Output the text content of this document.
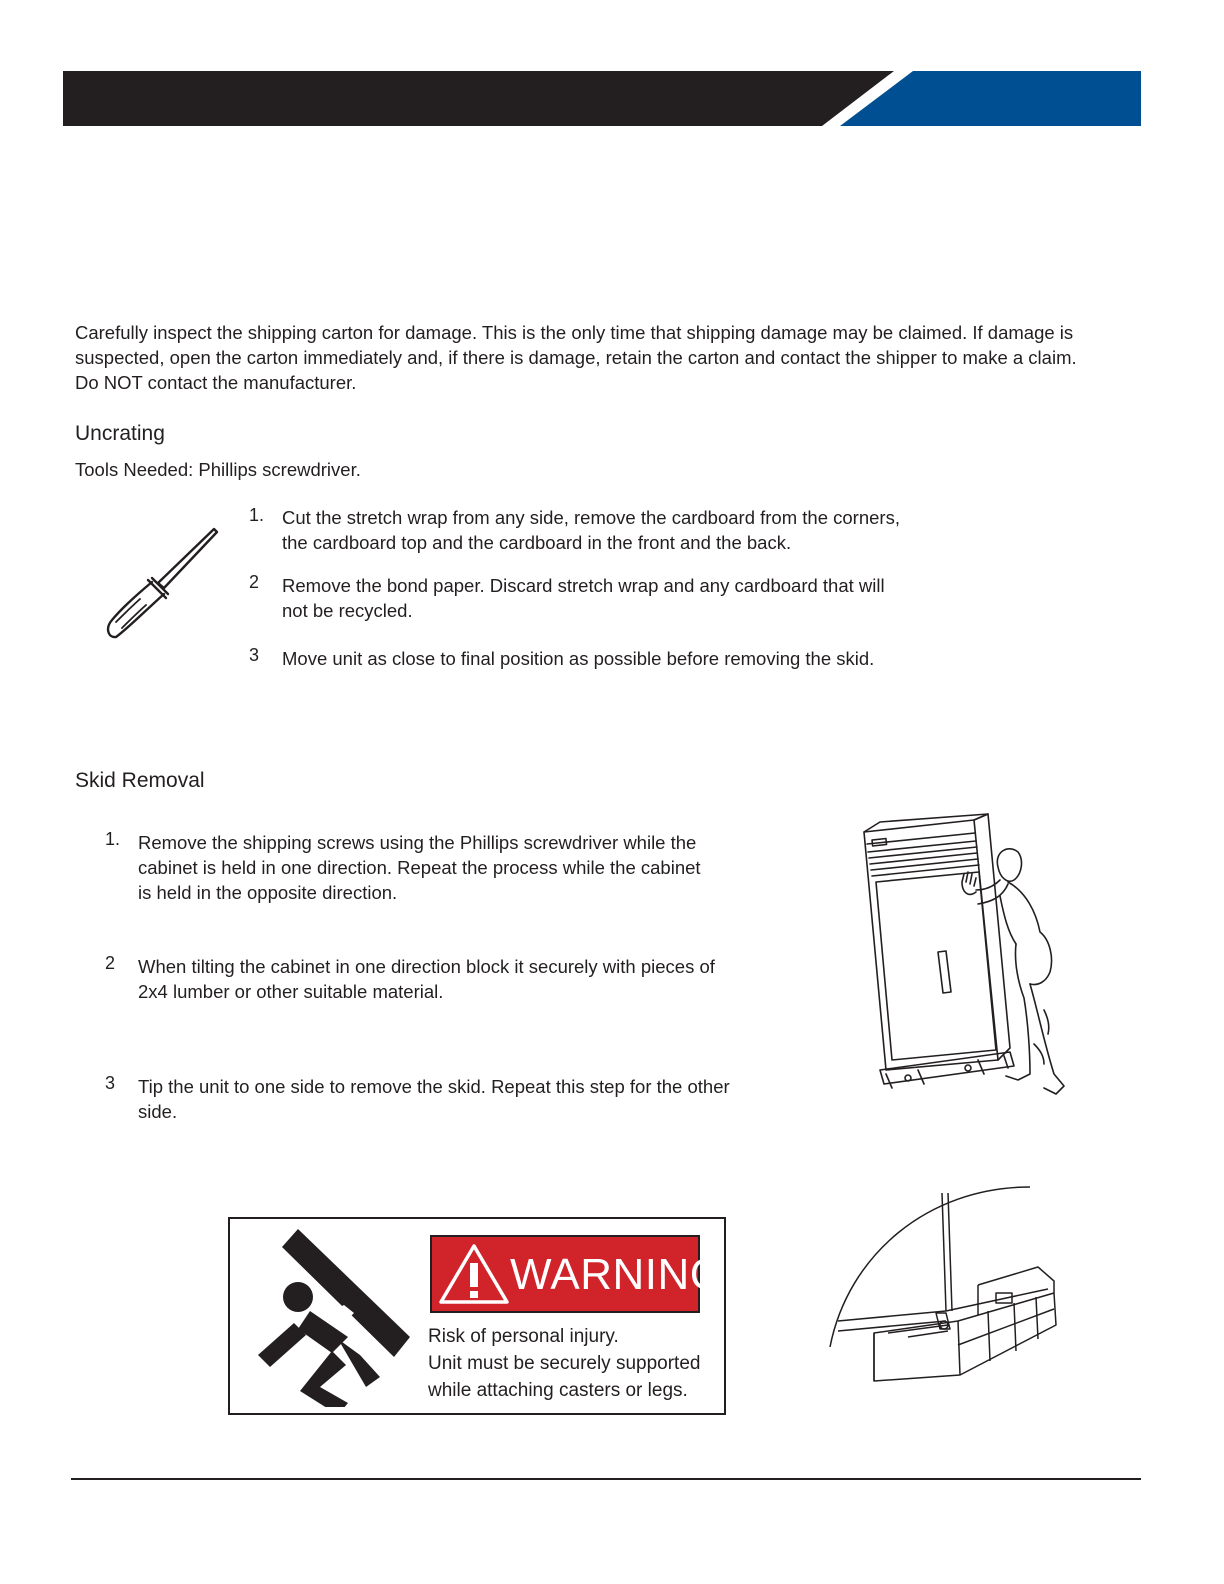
Carefully inspect the shipping carton for damage. This is the only time that shipping damage may be claimed. If damage is
suspected, open the carton immediately and, if there is damage, retain the carton and contact the shipper to make a claim.
Do NOT contact the manufacturer.
Uncrating
Tools Needed: Phillips screwdriver.
1. Cut the stretch wrap from any side, remove the cardboard from the corners,
the cardboard top and the cardboard in the front and the back.
2 Remove the bond paper. Discard stretch wrap and any cardboard that will
not be recycled.
3 Move unit as close to final position as possible before removing the skid.
Skid Removal
1. Remove the shipping screws using the Phillips screwdriver while the
cabinet is held in one direction. Repeat the process while the cabinet
is held in the opposite direction.
2 When tilting the cabinet in one direction block it securely with pieces of
2x4 lumber or other suitable material.
3 Tip the unit to one side to remove the skid. Repeat this step for the other
side.
WARNING
Risk of personal injury.
Unit must be securely supported
while attaching casters or legs.
